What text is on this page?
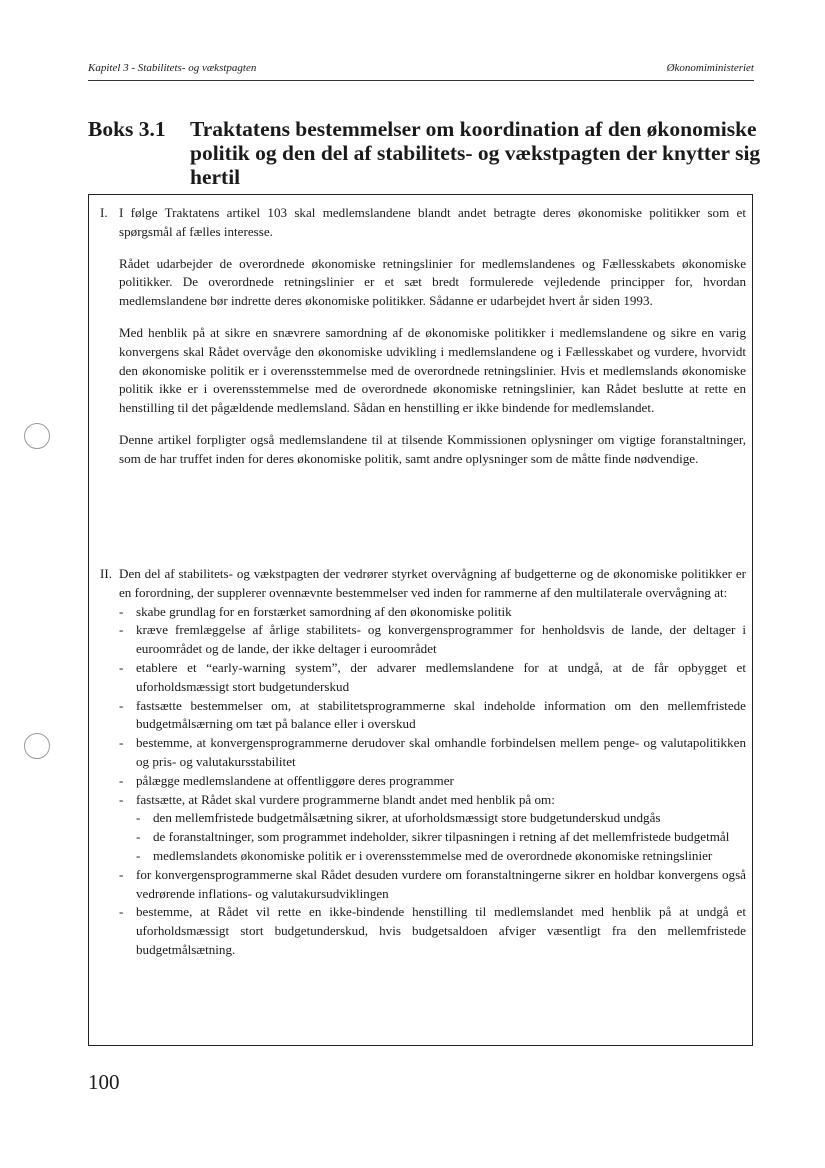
Kapitel 3 - Stabilitets- og vækstpagten	Økonomiministeriet
Boks 3.1 Traktatens bestemmelser om koordination af den økonomiske politik og den del af stabilitets- og vækstpagten der knytter sig hertil
I. I følge Traktatens artikel 103 skal medlemslandene blandt andet betragte deres økonomiske politikker som et spørgsmål af fælles interesse.
Rådet udarbejder de overordnede økonomiske retningslinier for medlemslandenes og Fællesskabets økonomiske politikker. De overordnede retningslinier er et sæt bredt formulerede vejledende principper for, hvordan medlemslandene bør indrette deres økonomiske politikker. Sådanne er udarbejdet hvert år siden 1993.
Med henblik på at sikre en snævrere samordning af de økonomiske politikker i medlemslandene og sikre en varig konvergens skal Rådet overvåge den økonomiske udvikling i medlemslandene og i Fællesskabet og vurdere, hvorvidt den økonomiske politik er i overensstemmelse med de overordnede retningslinier. Hvis et medlemslands økonomiske politik ikke er i overensstemmelse med de overordnede økonomiske retningslinier, kan Rådet beslutte at rette en henstilling til det pågældende medlemsland. Sådan en henstilling er ikke bindende for medlemslandet.
Denne artikel forpligter også medlemslandene til at tilsende Kommissionen oplysninger om vigtige foranstaltninger, som de har truffet inden for deres økonomiske politik, samt andre oplysninger som de måtte finde nødvendige.
II. Den del af stabilitets- og vækstpagten der vedrører styrket overvågning af budgetterne og de økonomiske politikker er en forordning, der supplerer ovennævnte bestemmelser ved inden for rammerne af den multilaterale overvågning at:
- skabe grundlag for en forstærket samordning af den økonomiske politik
- kræve fremlæggelse af årlige stabilitets- og konvergensprogrammer for henholdsvis de lande, der deltager i euroområdet og de lande, der ikke deltager i euroområdet
- etablere et “early-warning system”, der advarer medlemslandene for at undgå, at de får opbygget et uforholdsmæssigt stort budgetunderskud
- fastsætte bestemmelser om, at stabilitetsprogrammerne skal indeholde information om den mellemfristede budgetmålsærning om tæt på balance eller i overskud
- bestemme, at konvergensprogrammerne derudover skal omhandle forbindelsen mellem penge- og valutapolitikken og pris- og valutakursstabilitet
- pålægge medlemslandene at offentliggøre deres programmer
- fastsætte, at Rådet skal vurdere programmerne blandt andet med henblik på om:
- den mellemfristede budgetmålsætning sikrer, at uforholdsmæssigt store budgetunderskud undgås
- de foranstaltninger, som programmet indeholder, sikrer tilpasningen i retning af det mellemfristede budgetmål
- medlemslandets økonomiske politik er i overensstemmelse med de overordnede økonomiske retningslinier
- for konvergensprogrammerne skal Rådet desuden vurdere om foranstaltningerne sikrer en holdbar konvergens også vedrørende inflations- og valutakursudviklingen
- bestemme, at Rådet vil rette en ikke-bindende henstilling til medlemslandet med henblik på at undgå et uforholdsmæssigt stort budgetunderskud, hvis budgetsaldoen afviger væsentligt fra den mellemfristede budgetmålsætning.
100
